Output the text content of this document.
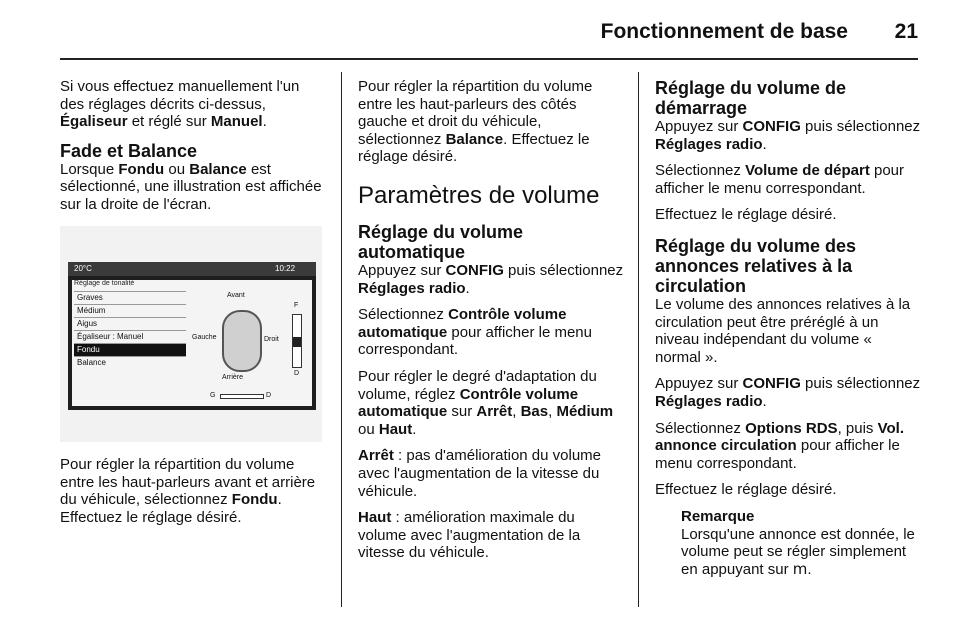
Fonctionnement de base 21

Si vous effectuez manuellement l'un des réglages décrits ci-dessus, Égaliseur et réglé sur Manuel.

Fade et Balance

Lorsque Fondu ou Balance est sélectionné, une illustration est affichée sur la droite de l'écran.

20°C	10:22
Réglage de tonalité
Graves
Médium
Aigus
Égaliseur : Manuel
Fondu
Balance
Avant
Gauche	Droit
Arrière
F
D
G	D

Pour régler la répartition du volume entre les haut-parleurs avant et arrière du véhicule, sélectionnez Fondu. Effectuez le réglage désiré.

Pour régler la répartition du volume entre les haut-parleurs des côtés gauche et droit du véhicule, sélectionnez Balance. Effectuez le réglage désiré.

Paramètres de volume
Réglage du volume automatique

Appuyez sur CONFIG puis sélectionnez Réglages radio.

Sélectionnez Contrôle volume automatique pour afficher le menu correspondant.

Pour régler le degré d'adaptation du volume, réglez Contrôle volume automatique sur Arrêt, Bas, Médium ou Haut.

Arrêt : pas d'amélioration du volume avec l'augmentation de la vitesse du véhicule.

Haut : amélioration maximale du volume avec l'augmentation de la vitesse du véhicule.

Réglage du volume de démarrage

Appuyez sur CONFIG puis sélectionnez Réglages radio.

Sélectionnez Volume de départ pour afficher le menu correspondant.

Effectuez le réglage désiré.

Réglage du volume des annonces relatives à la circulation

Le volume des annonces relatives à la circulation peut être préréglé à un niveau indépendant du volume « normal ».

Appuyez sur CONFIG puis sélectionnez Réglages radio.

Sélectionnez Options RDS, puis Vol. annonce circulation pour afficher le menu correspondant.

Effectuez le réglage désiré.

Remarque
Lorsqu'une annonce est donnée, le volume peut se régler simplement en appuyant sur m.
